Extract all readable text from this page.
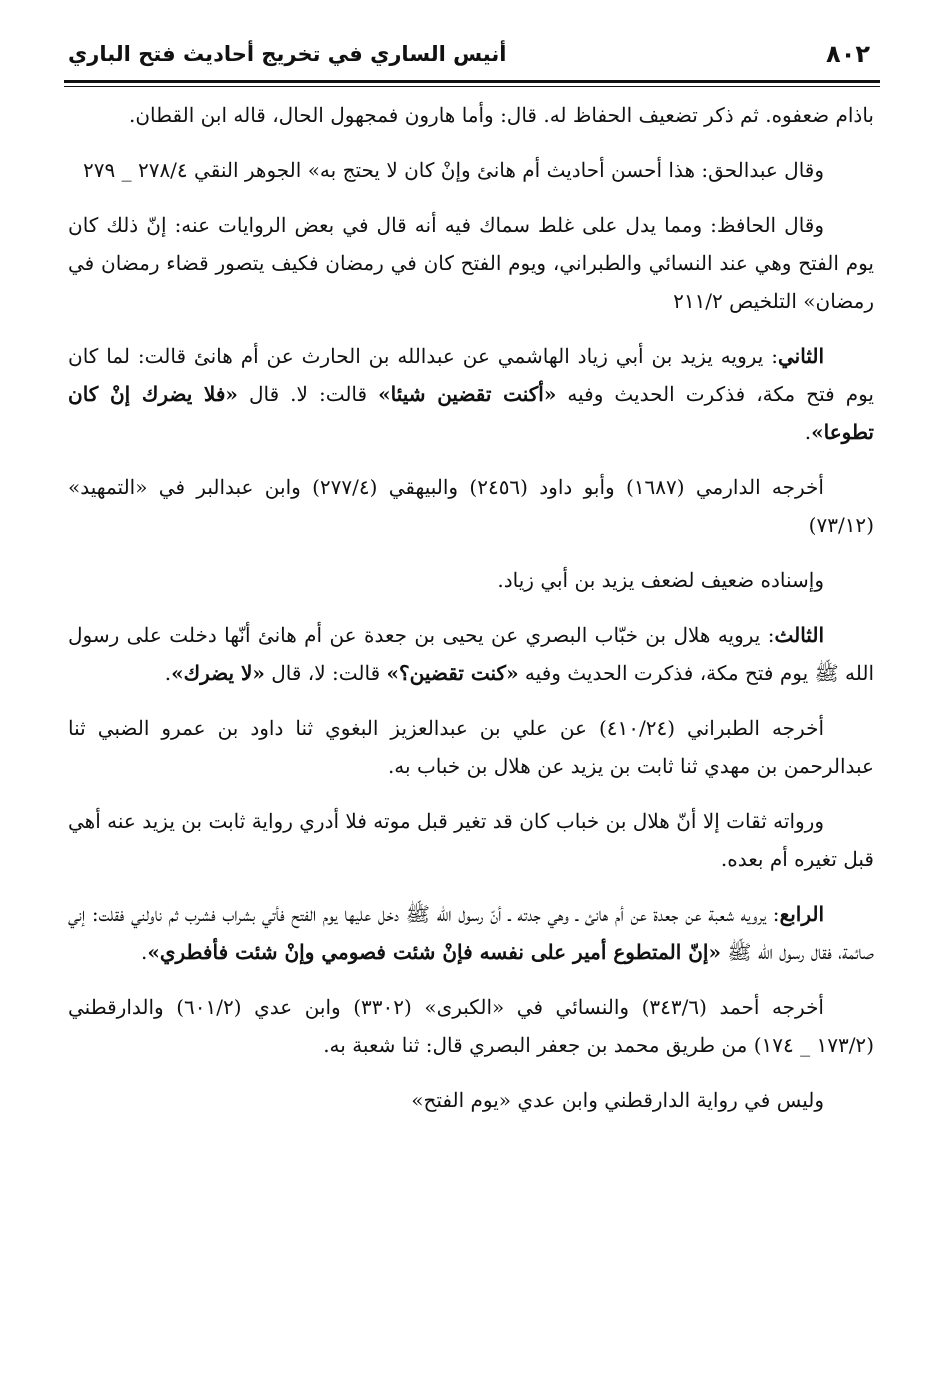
٨٠٢
أنيس الساري في تخريج أحاديث فتح الباري

باذام ضعفوه. ثم ذكر تضعيف الحفاظ له. قال: وأما هارون فمجهول الحال، قاله ابن القطان.

وقال عبدالحق: هذا أحسن أحاديث أم هانئ وإنْ كان لا يحتج به» الجوهر النقي ٢٧٨/٤ _ ٢٧٩

وقال الحافظ: ومما يدل على غلط سماك فيه أنه قال في بعض الروايات عنه: إنّ ذلك كان يوم الفتح وهي عند النسائي والطبراني، ويوم الفتح كان في رمضان فكيف يتصور قضاء رمضان في رمضان» التلخيص ٢١١/٢

الثاني: يرويه يزيد بن أبي زياد الهاشمي عن عبدالله بن الحارث عن أم هانئ قالت: لما كان يوم فتح مكة، فذكرت الحديث وفيه «أكنت تقضين شيئا» قالت: لا. قال «فلا يضرك إنْ كان تطوعا».

أخرجه الدارمي (١٦٨٧) وأبو داود (٢٤٥٦) والبيهقي (٢٧٧/٤) وابن عبدالبر في «التمهيد» (٧٣/١٢)

وإسناده ضعيف لضعف يزيد بن أبي زياد.

الثالث: يرويه هلال بن خبّاب البصري عن يحيى بن جعدة عن أم هانئ أنّها دخلت على رسول الله ﷺ يوم فتح مكة، فذكرت الحديث وفيه «كنت تقضين؟» قالت: لا، قال «لا يضرك».

أخرجه الطبراني (٤١٠/٢٤) عن علي بن عبدالعزيز البغوي ثنا داود بن عمرو الضبي ثنا عبدالرحمن بن مهدي ثنا ثابت بن يزيد عن هلال بن خباب به.

ورواته ثقات إلا أنّ هلال بن خباب كان قد تغير قبل موته فلا أدري رواية ثابت بن يزيد عنه أهي قبل تغيره أم بعده.

الرابع: يرويه شعبة عن جعدة عن أم هانئ ـ وهي جدته ـ أنّ رسول الله ﷺ دخل عليها يوم الفتح فأتي بشراب فشرب ثم ناولني فقلت: إني صائمة، فقال رسول الله ﷺ «إنّ المتطوع أمير على نفسه فإنْ شئت فصومي وإنْ شئت فأفطري».

أخرجه أحمد (٣٤٣/٦) والنسائي في «الكبرى» (٣٣٠٢) وابن عدي (٦٠١/٢) والدارقطني (١٧٣/٢ _ ١٧٤) من طريق محمد بن جعفر البصري قال: ثنا شعبة به.

وليس في رواية الدارقطني وابن عدي «يوم الفتح»
